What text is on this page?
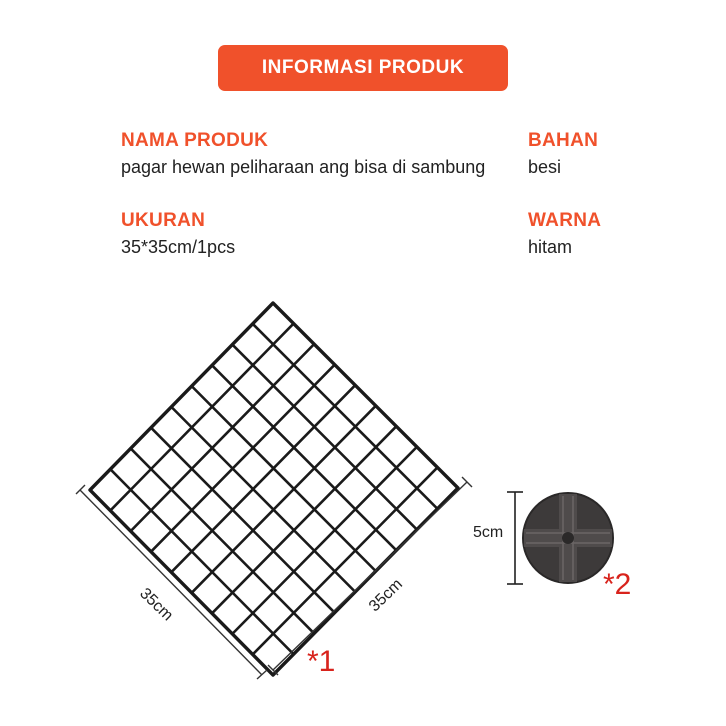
INFORMASI PRODUK
NAMA PRODUK
pagar hewan peliharaan ang bisa di sambung
BAHAN
besi
UKURAN
35*35cm/1pcs
WARNA
hitam
35cm	35cm
5cm
*1
*2
